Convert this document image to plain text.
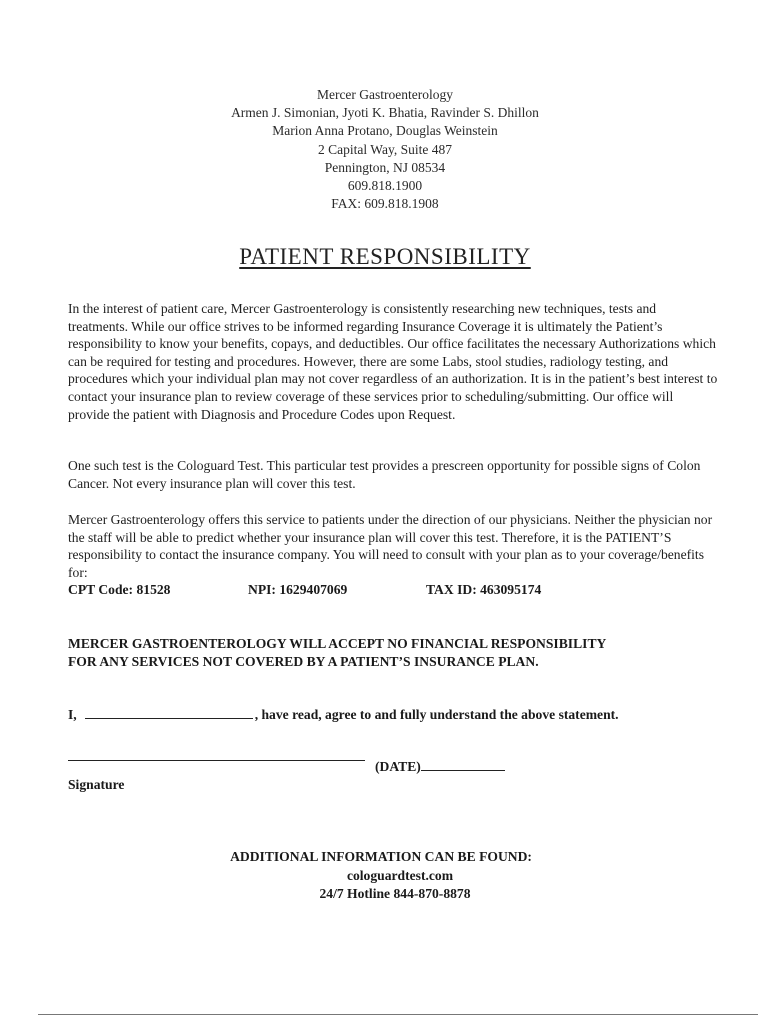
Mercer Gastroenterology
Armen J. Simonian, Jyoti K. Bhatia, Ravinder S. Dhillon
Marion Anna Protano, Douglas Weinstein
2 Capital Way, Suite 487
Pennington, NJ 08534
609.818.1900
FAX: 609.818.1908
PATIENT RESPONSIBILITY
In the interest of patient care, Mercer Gastroenterology is consistently researching new techniques, tests and treatments. While our office strives to be informed regarding Insurance Coverage it is ultimately the Patient’s responsibility to know your benefits, copays, and deductibles. Our office facilitates the necessary Authorizations which can be required for testing and procedures. However, there are some Labs, stool studies, radiology testing, and procedures which your individual plan may not cover regardless of an authorization. It is in the patient’s best interest to contact your insurance plan to review coverage of these services prior to scheduling/submitting. Our office will provide the patient with Diagnosis and Procedure Codes upon Request.
One such test is the Cologuard Test. This particular test provides a prescreen opportunity for possible signs of Colon Cancer. Not every insurance plan will cover this test.
Mercer Gastroenterology offers this service to patients under the direction of our physicians. Neither the physician nor the staff will be able to predict whether your insurance plan will cover this test. Therefore, it is the PATIENT’S responsibility to contact the insurance company. You will need to consult with your plan as to your coverage/benefits for:
CPT Code: 81528	NPI: 1629407069	TAX ID: 463095174
MERCER GASTROENTEROLOGY WILL ACCEPT NO FINANCIAL RESPONSIBILITY
FOR ANY SERVICES NOT COVERED BY A PATIENT’S INSURANCE PLAN.
I,	, have read, agree to and fully understand the above statement.
(DATE)
Signature
ADDITIONAL INFORMATION CAN BE FOUND:
cologuardtest.com
24/7 Hotline 844-870-8878
